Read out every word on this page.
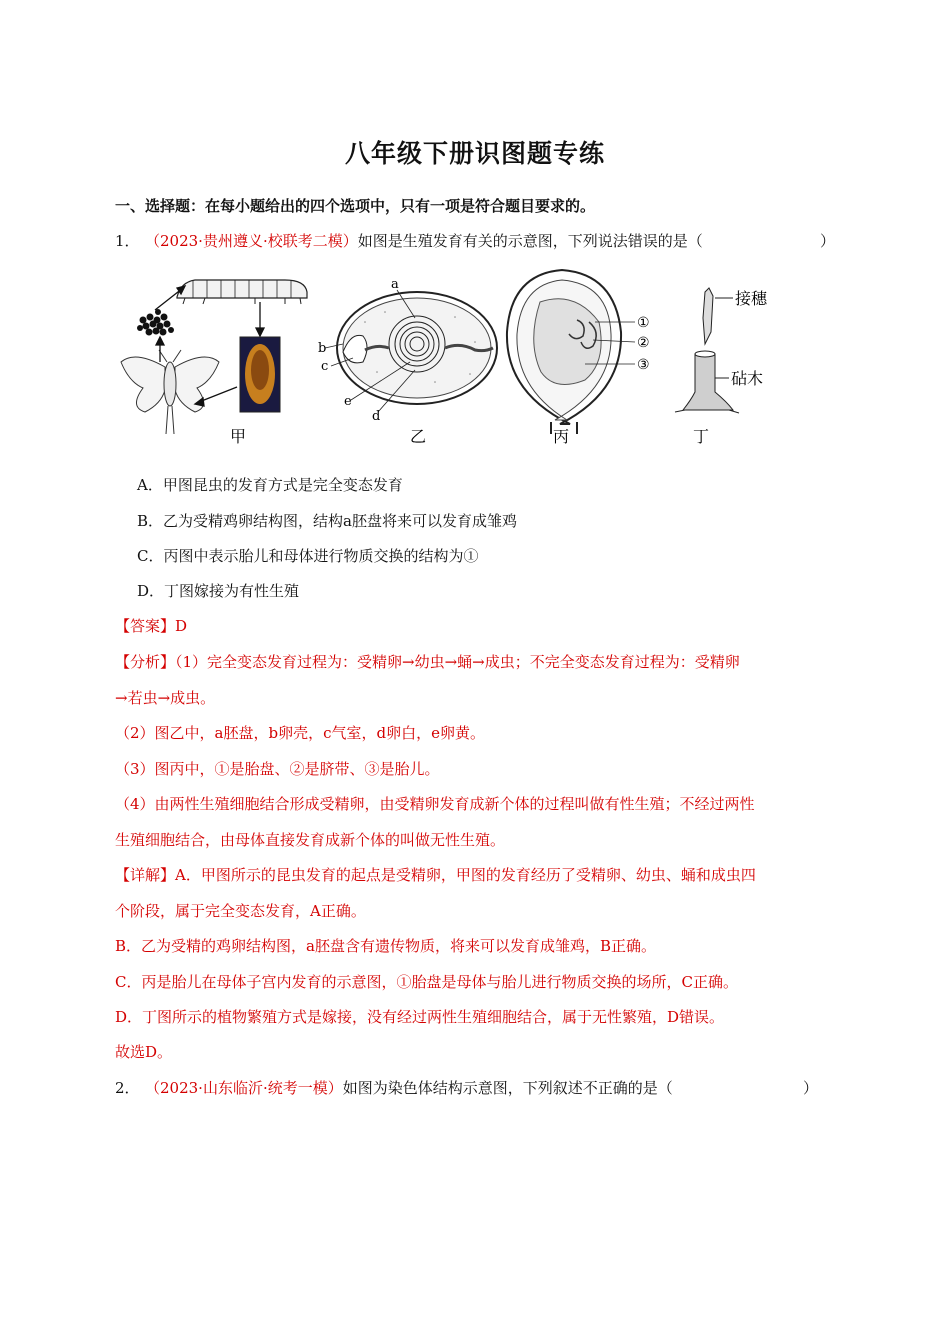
八年级下册识图题专练
一、选择题：在每小题给出的四个选项中，只有一项是符合题目要求的。
1． （2023·贵州遵义·校联考二模）如图是生殖发育有关的示意图，下列说法错误的是（	）
甲
a
b
c
e
d
乙
①
②
③
丙
接穗
砧木
丁
A．甲图昆虫的发育方式是完全变态发育
B．乙为受精鸡卵结构图，结构a胚盘将来可以发育成雏鸡
C．丙图中表示胎儿和母体进行物质交换的结构为①
D．丁图嫁接为有性生殖
【答案】D
【分析】（1）完全变态发育过程为：受精卵→幼虫→蛹→成虫；不完全变态发育过程为：受精卵
→若虫→成虫。
（2）图乙中，a胚盘，b卵壳，c气室，d卵白，e卵黄。
（3）图丙中，①是胎盘、②是脐带、③是胎儿。
（4）由两性生殖细胞结合形成受精卵，由受精卵发育成新个体的过程叫做有性生殖；不经过两性
生殖细胞结合，由母体直接发育成新个体的叫做无性生殖。
【详解】A．甲图所示的昆虫发育的起点是受精卵，甲图的发育经历了受精卵、幼虫、蛹和成虫四
个阶段，属于完全变态发育，A正确。
B．乙为受精的鸡卵结构图，a胚盘含有遗传物质，将来可以发育成雏鸡，B正确。
C．丙是胎儿在母体子宫内发育的示意图，①胎盘是母体与胎儿进行物质交换的场所，C正确。
D．丁图所示的植物繁殖方式是嫁接，没有经过两性生殖细胞结合，属于无性繁殖，D错误。
故选D。
2． （2023·山东临沂·统考一模）如图为染色体结构示意图，下列叙述不正确的是（	）
